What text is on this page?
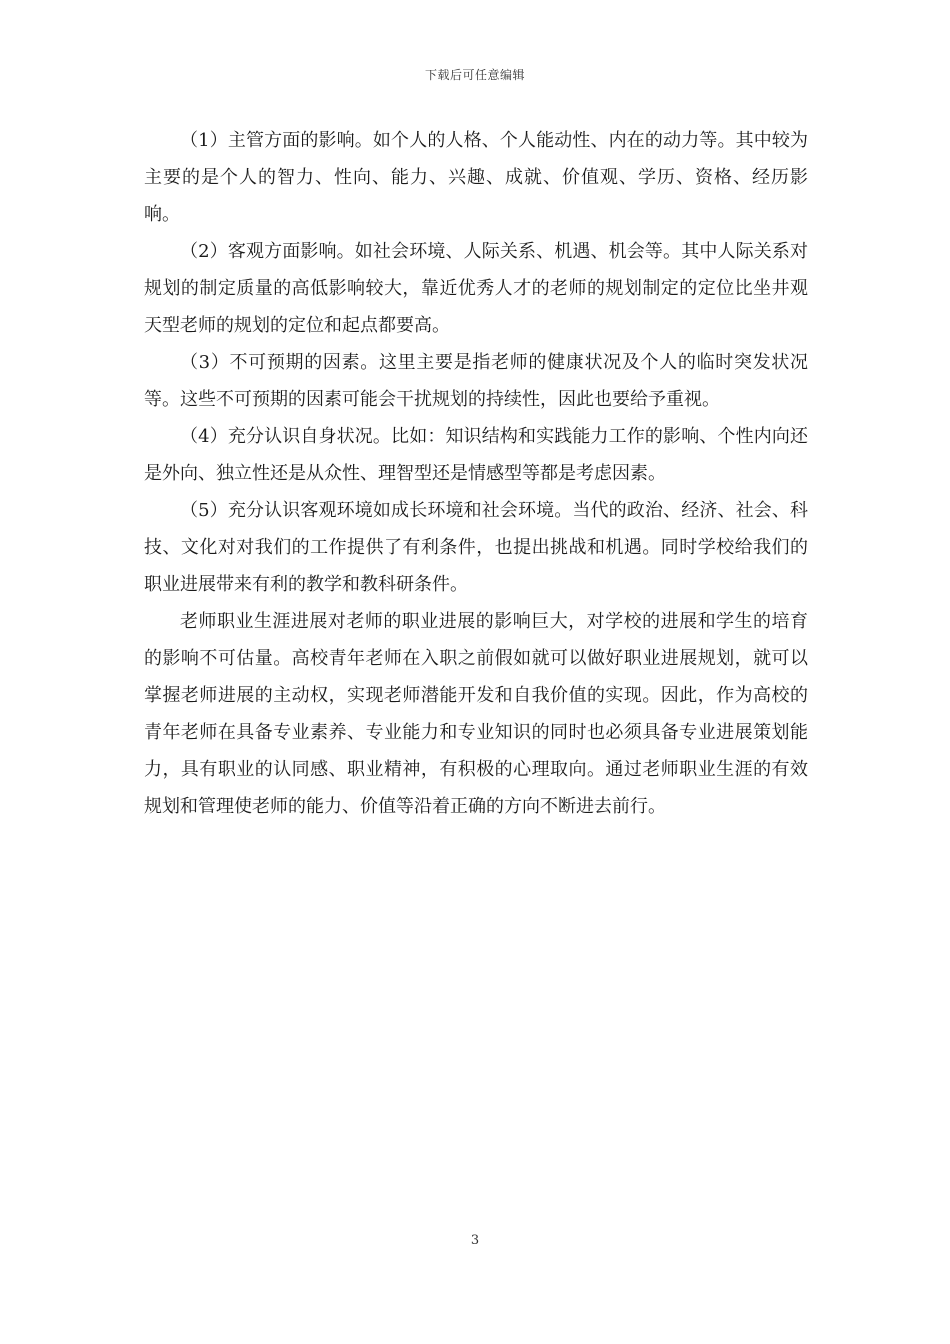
下载后可任意编辑

（1）主管方面的影响。如个人的人格、个人能动性、内在的动力等。其中较为主要的是个人的智力、性向、能力、兴趣、成就、价值观、学历、资格、经历影响。

（2）客观方面影响。如社会环境、人际关系、机遇、机会等。其中人际关系对规划的制定质量的高低影响较大，靠近优秀人才的老师的规划制定的定位比坐井观天型老师的规划的定位和起点都要高。

（3）不可预期的因素。这里主要是指老师的健康状况及个人的临时突发状况等。这些不可预期的因素可能会干扰规划的持续性，因此也要给予重视。

（4）充分认识自身状况。比如：知识结构和实践能力工作的影响、个性内向还是外向、独立性还是从众性、理智型还是情感型等都是考虑因素。

（5）充分认识客观环境如成长环境和社会环境。当代的政治、经济、社会、科技、文化对对我们的工作提供了有利条件，也提出挑战和机遇。同时学校给我们的职业进展带来有利的教学和教科研条件。

老师职业生涯进展对老师的职业进展的影响巨大，对学校的进展和学生的培育的影响不可估量。高校青年老师在入职之前假如就可以做好职业进展规划，就可以掌握老师进展的主动权，实现老师潜能开发和自我价值的实现。因此，作为高校的青年老师在具备专业素养、专业能力和专业知识的同时也必须具备专业进展策划能力，具有职业的认同感、职业精神，有积极的心理取向。通过老师职业生涯的有效规划和管理使老师的能力、价值等沿着正确的方向不断进去前行。

3
